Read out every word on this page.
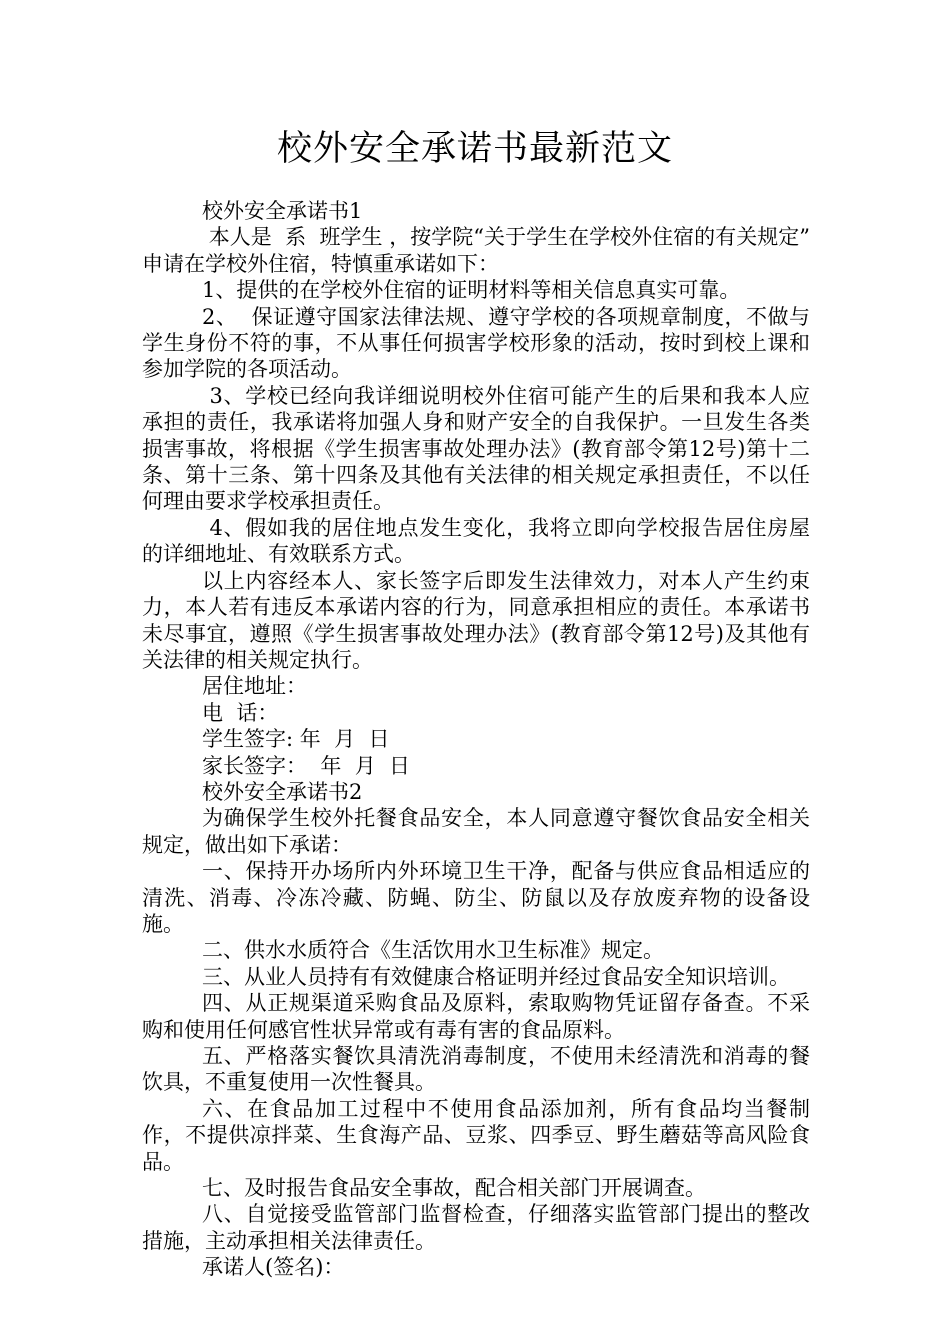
校外安全承诺书最新范文

校外安全承诺书1

本人是  系  班学生 ，按学院“关于学生在学校外住宿的有关规定”  申请在学校外住宿，特慎重承诺如下：

1、提供的在学校外住宿的证明材料等相关信息真实可靠。

2、  保证遵守国家法律法规、遵守学校的各项规章制度，不做与学生身份不符的事，不从事任何损害学校形象的活动，按时到校上课和参加学院的各项活动。

3、学校已经向我详细说明校外住宿可能产生的后果和我本人应承担的责任，我承诺将加强人身和财产安全的自我保护。一旦发生各类损害事故，将根据《学生损害事故处理办法》(教育部令第12号)第十二条、第十三条、第十四条及其他有关法律的相关规定承担责任，不以任何理由要求学校承担责任。

4、假如我的居住地点发生变化，我将立即向学校报告居住房屋的详细地址、有效联系方式。

以上内容经本人、家长签字后即发生法律效力，对本人产生约束力，本人若有违反本承诺内容的行为，同意承担相应的责任。本承诺书未尽事宜，遵照《学生损害事故处理办法》(教育部令第12号)及其他有关法律的相关规定执行。

居住地址：

电  话：

学生签字: 年  月  日

家长签字：  年  月  日

校外安全承诺书2

为确保学生校外托餐食品安全，本人同意遵守餐饮食品安全相关规定，做出如下承诺：

一、保持开办场所内外环境卫生干净，配备与供应食品相适应的清洗、消毒、冷冻冷藏、防蝇、防尘、防鼠以及存放废弃物的设备设施。

二、供水水质符合《生活饮用水卫生标准》规定。

三、从业人员持有有效健康合格证明并经过食品安全知识培训。

四、从正规渠道采购食品及原料，索取购物凭证留存备查。不采购和使用任何感官性状异常或有毒有害的食品原料。

五、严格落实餐饮具清洗消毒制度，不使用未经清洗和消毒的餐饮具，不重复使用一次性餐具。

六、在食品加工过程中不使用食品添加剂，所有食品均当餐制作，不提供凉拌菜、生食海产品、豆浆、四季豆、野生蘑菇等高风险食品。

七、及时报告食品安全事故，配合相关部门开展调查。

八、自觉接受监管部门监督检查，仔细落实监管部门提出的整改措施，主动承担相关法律责任。

承诺人(签名)：
